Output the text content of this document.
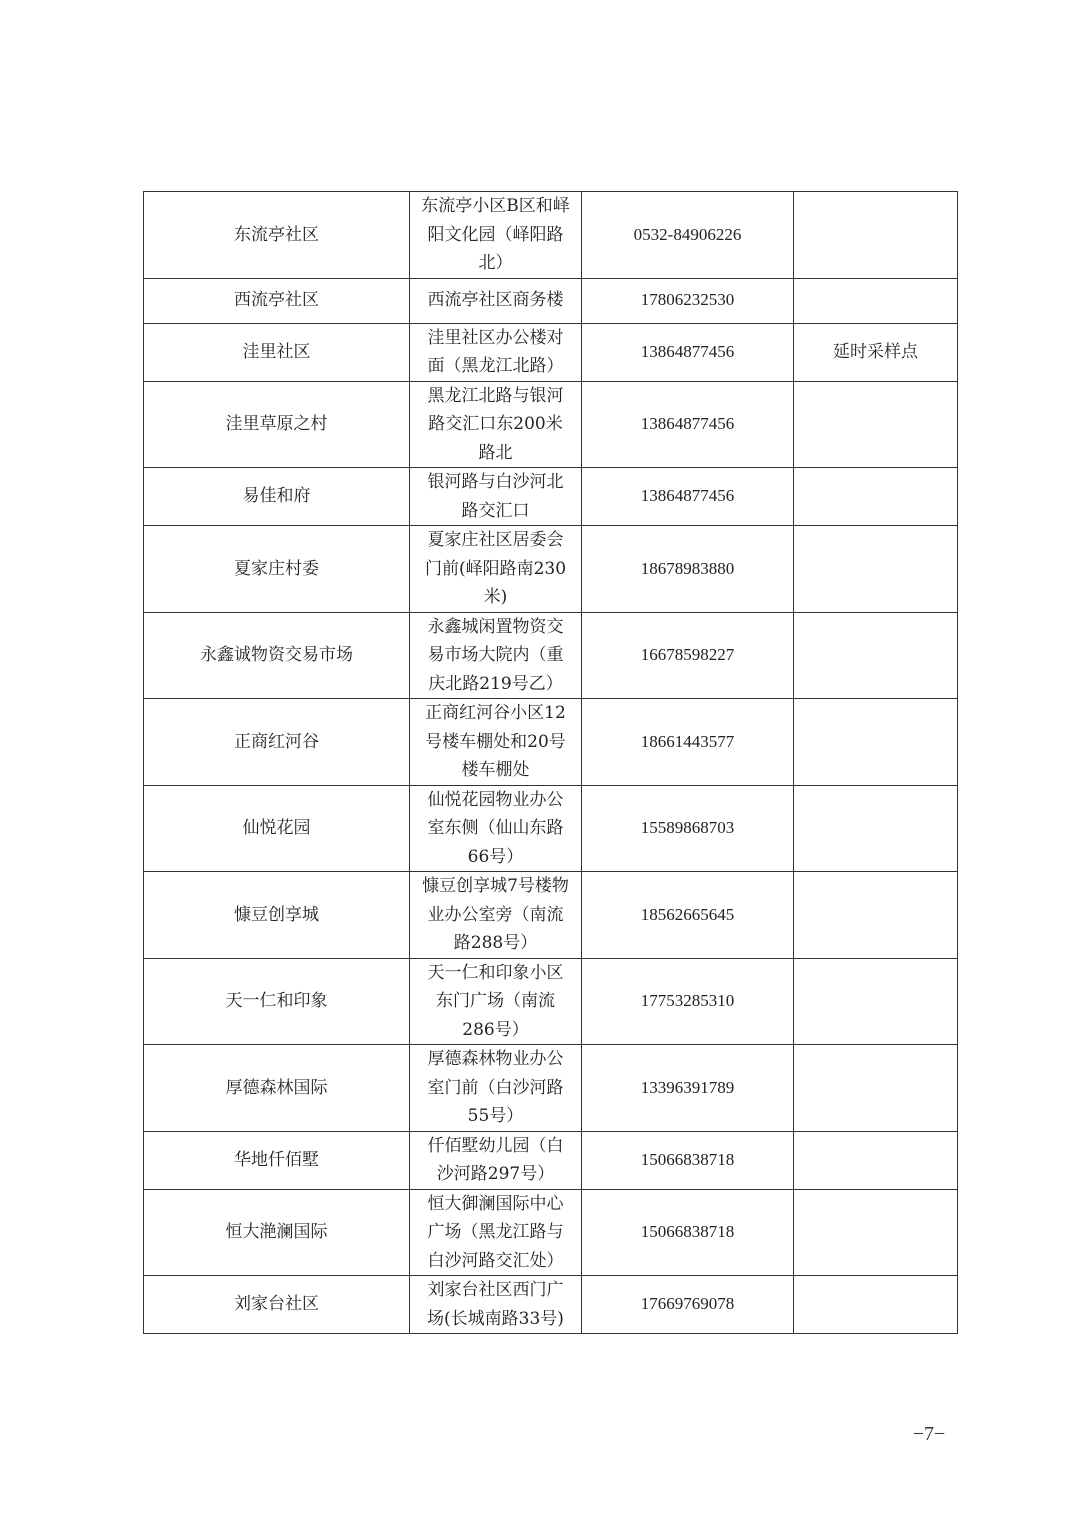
东流亭社区	东流亭小区B区和峄阳文化园（峄阳路北）	0532-84906226	
西流亭社区	西流亭社区商务楼	17806232530	
洼里社区	洼里社区办公楼对面（黑龙江北路）	13864877456	延时采样点
洼里草原之村	黑龙江北路与银河路交汇口东200米路北	13864877456	
易佳和府	银河路与白沙河北路交汇口	13864877456	
夏家庄村委	夏家庄社区居委会门前(峄阳路南230米)	18678983880	
永鑫诚物资交易市场	永鑫城闲置物资交易市场大院内（重庆北路219号乙）	16678598227	
正商红河谷	正商红河谷小区12号楼车棚处和20号楼车棚处	18661443577	
仙悦花园	仙悦花园物业办公室东侧（仙山东路66号）	15589868703	
慷豆创享城	慷豆创享城7号楼物业办公室旁（南流路288号）	18562665645	
天一仁和印象	天一仁和印象小区东门广场（南流286号）	17753285310	
厚德森林国际	厚德森林物业办公室门前（白沙河路55号）	13396391789	
华地仟佰墅	仟佰墅幼儿园（白沙河路297号）	15066838718	
恒大滟澜国际	恒大御澜国际中心广场（黑龙江路与白沙河路交汇处）	15066838718	
刘家台社区	刘家台社区西门广场(长城南路33号)	17669769078	
−7−
